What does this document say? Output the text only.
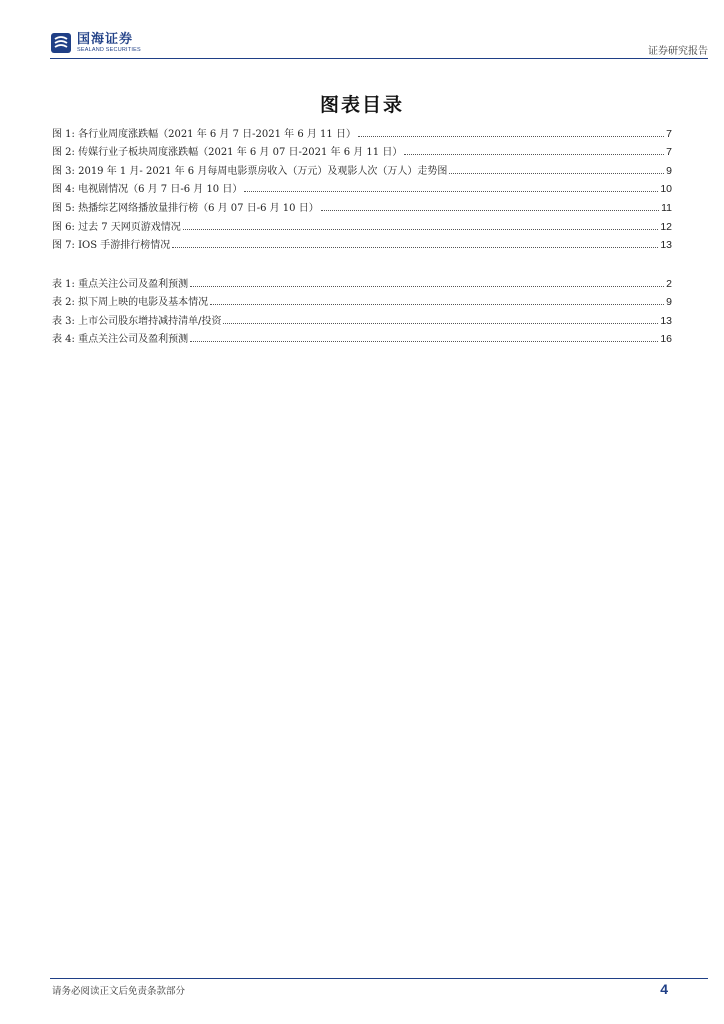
国海证券
SEALAND SECURITIES	证券研究报告
图表目录
图 1: 各行业周度涨跌幅（2021 年 6 月 7 日-2021 年 6 月 11 日）	7
图 2: 传媒行业子板块周度涨跌幅（2021 年 6 月 07 日-2021 年 6 月 11 日）	7
图 3: 2019 年 1 月- 2021 年 6 月每周电影票房收入（万元）及观影人次（万人）走势图	9
图 4: 电视剧情况（6 月 7 日-6 月 10 日）	10
图 5: 热播综艺网络播放量排行榜（6 月 07 日-6 月 10 日）	11
图 6: 过去 7 天网页游戏情况	12
图 7: IOS 手游排行榜情况	13
表 1: 重点关注公司及盈利预测	2
表 2: 拟下周上映的电影及基本情况	9
表 3: 上市公司股东增持减持清单/投资	13
表 4: 重点关注公司及盈利预测	16
请务必阅读正文后免责条款部分	4
